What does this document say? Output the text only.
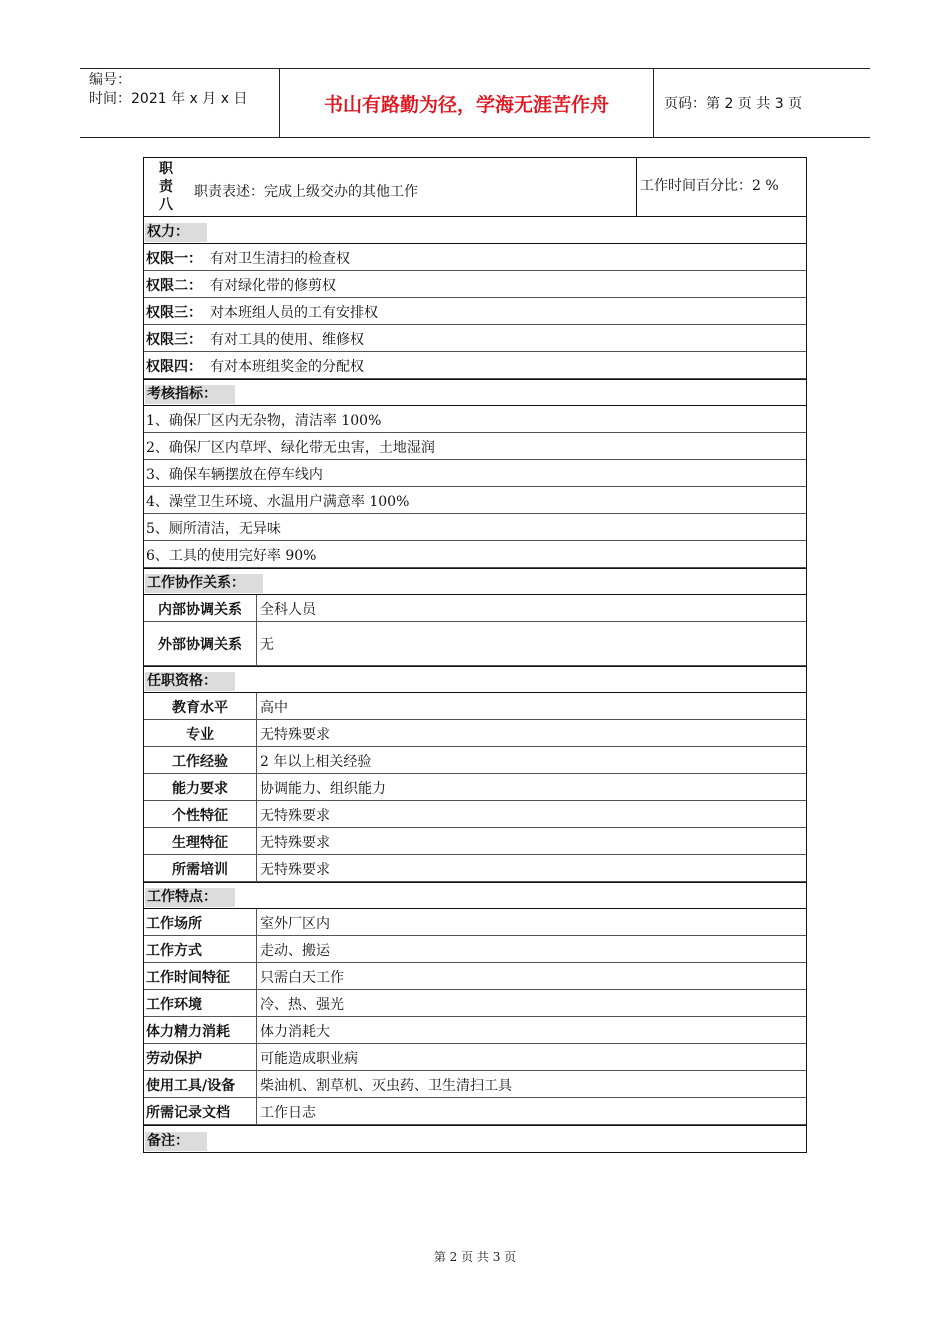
编号：
时间：2021 年 x 月 x 日	书山有路勤为径，学海无涯苦作舟	页码：第 2 页 共 3 页
职
责
八
职责表述：完成上级交办的其他工作	工作时间百分比：2 %
权力：
权限一： 有对卫生清扫的检查权
权限二： 有对绿化带的修剪权
权限三： 对本班组人员的工有安排权
权限三： 有对工具的使用、维修权
权限四： 有对本班组奖金的分配权
考核指标：
1、确保厂区内无杂物，清洁率 100%
2、确保厂区内草坪、绿化带无虫害，土地湿润
3、确保车辆摆放在停车线内
4、澡堂卫生环境、水温用户满意率 100%
5、厕所清洁，无异味
6、工具的使用完好率 90%
工作协作关系：
内部协调关系	全科人员
外部协调关系	无
任职资格：
教育水平	高中
专业	无特殊要求
工作经验	2 年以上相关经验
能力要求	协调能力、组织能力
个性特征	无特殊要求
生理特征	无特殊要求
所需培训	无特殊要求
工作特点：
工作场所	室外厂区内
工作方式	走动、搬运
工作时间特征	只需白天工作
工作环境	冷、热、强光
体力精力消耗	体力消耗大
劳动保护	可能造成职业病
使用工具/设备	柴油机、割草机、灭虫药、卫生清扫工具
所需记录文档	工作日志
备注：
第 2 页 共 3 页
